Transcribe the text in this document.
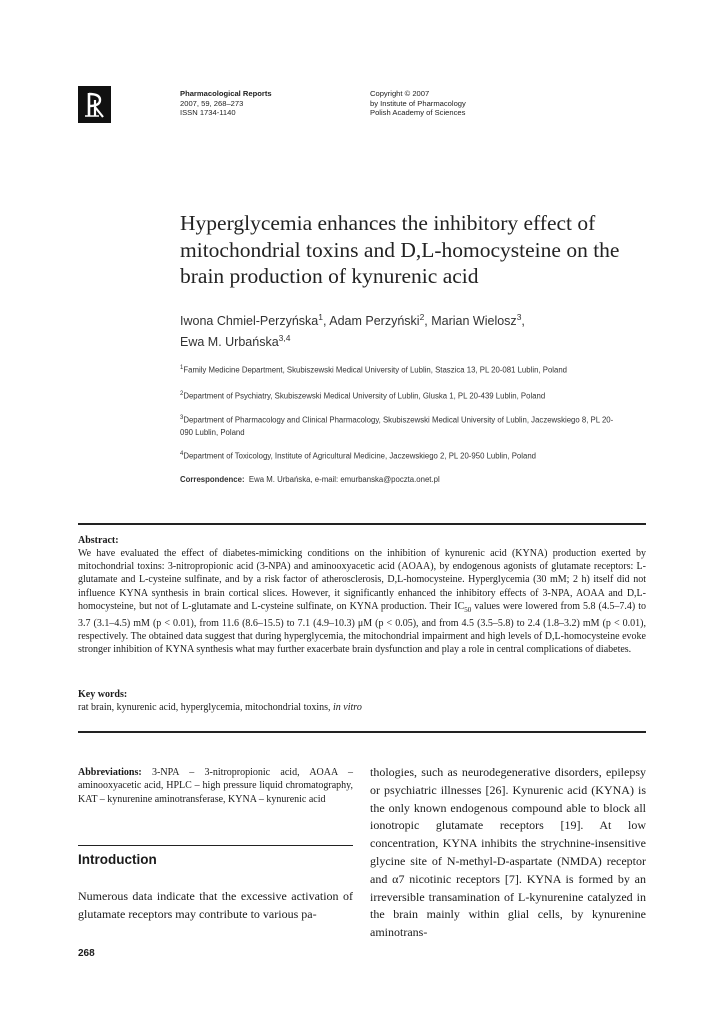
Pharmacological Reports
2007, 59, 268–273
ISSN 1734-1140
Copyright © 2007
by Institute of Pharmacology
Polish Academy of Sciences
Hyperglycemia enhances the inhibitory effect of mitochondrial toxins and D,L-homocysteine on the brain production of kynurenic acid
Iwona Chmiel-Perzyńska$^1$, Adam Perzyński$^2$, Marian Wielosz$^3$,
Ewa M. Urbańska$^{3,4}$
$^1$Family Medicine Department, Skubiszewski Medical University of Lublin, Staszica 13, PL 20-081 Lublin, Poland
$^2$Department of Psychiatry, Skubiszewski Medical University of Lublin, Gluska 1, PL 20-439 Lublin, Poland
$^3$Department of Pharmacology and Clinical Pharmacology, Skubiszewski Medical University of Lublin, Jaczewskiego 8, PL 20-090 Lublin, Poland
$^4$Department of Toxicology, Institute of Agricultural Medicine, Jaczewskiego 2, PL 20-950 Lublin, Poland
Correspondence: Ewa M. Urbańska, e-mail: emurbanska@poczta.onet.pl
Abstract:
We have evaluated the effect of diabetes-mimicking conditions on the inhibition of kynurenic acid (KYNA) production exerted by mitochondrial toxins: 3-nitropropionic acid (3-NPA) and aminooxyacetic acid (AOAA), by endogenous agonists of glutamate receptors: L-glutamate and L-cysteine sulfinate, and by a risk factor of atherosclerosis, D,L-homocysteine. Hyperglycemia (30 mM; 2 h) itself did not influence KYNA synthesis in brain cortical slices. However, it significantly enhanced the inhibitory effects of 3-NPA, AOAA and D,L-homocysteine, but not of L-glutamate and L-cysteine sulfinate, on KYNA production. Their $IC_{50}$ values were lowered from 5.8 (4.5–7.4) to 3.7 (3.1–4.5) mM (p < 0.01), from 11.6 (8.6–15.5) to 7.1 (4.9–10.3) μM (p < 0.05), and from 4.5 (3.5–5.8) to 2.4 (1.8–3.2) mM (p < 0.01), respectively. The obtained data suggest that during hyperglycemia, the mitochondrial impairment and high levels of D,L-homocysteine evoke stronger inhibition of KYNA synthesis what may further exacerbate brain dysfunction and play a role in central complications of diabetes.
Key words:
rat brain, kynurenic acid, hyperglycemia, mitochondrial toxins, in vitro
Abbreviations: 3-NPA – 3-nitropropionic acid, AOAA – aminooxyacetic acid, HPLC – high pressure liquid chromatography, KAT – kynurenine aminotransferase, KYNA – kynurenic acid
Introduction
Numerous data indicate that the excessive activation of glutamate receptors may contribute to various pa-
thologies, such as neurodegenerative disorders, epilepsy or psychiatric illnesses [26]. Kynurenic acid (KYNA) is the only known endogenous compound able to block all ionotropic glutamate receptors [19]. At low concentration, KYNA inhibits the strychnine-insensitive glycine site of N-methyl-D-aspartate (NMDA) receptor and α7 nicotinic receptors [7]. KYNA is formed by an irreversible transamination of L-kynurenine catalyzed in the brain mainly within glial cells, by kynurenine aminotrans-
268
